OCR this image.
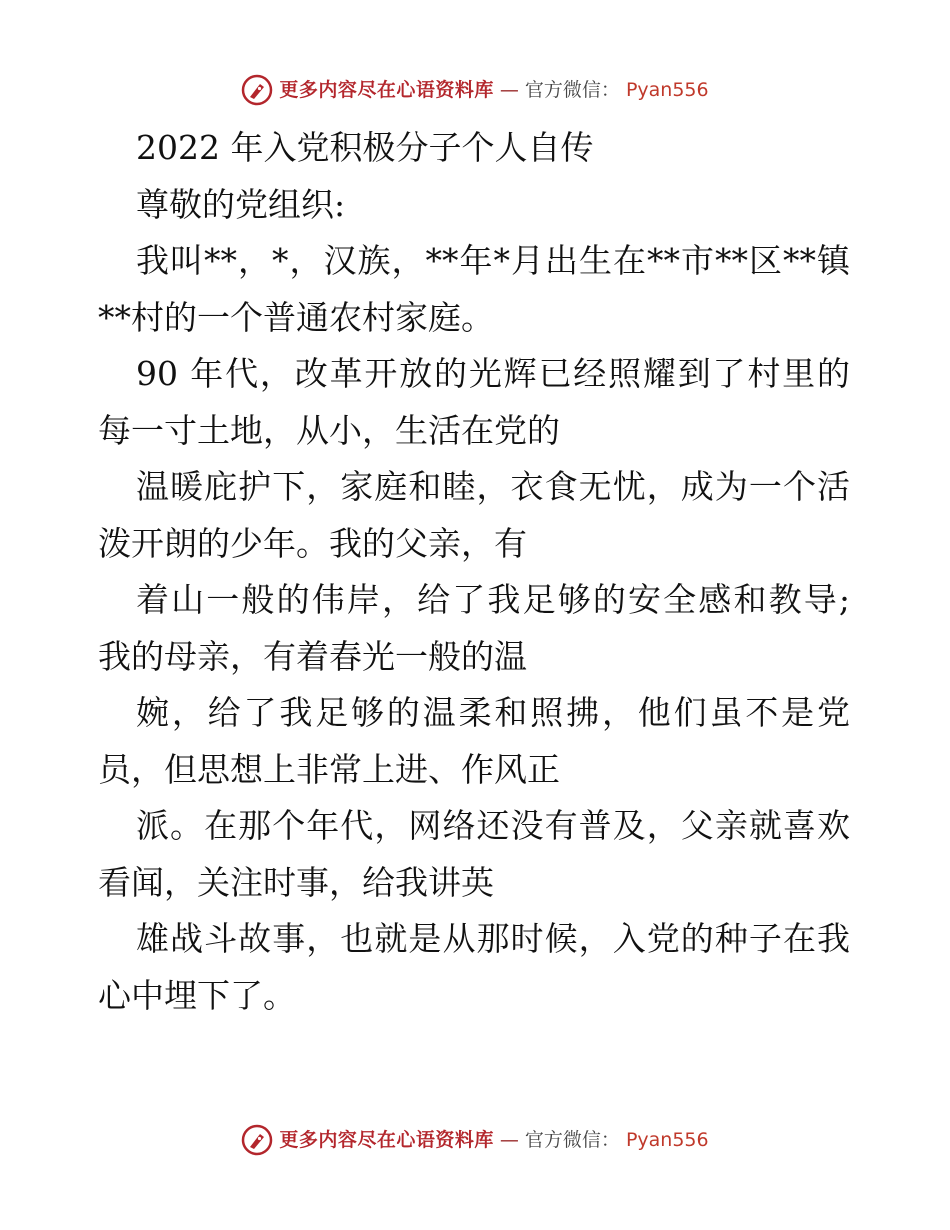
更多内容尽在心语资料库 — 官方微信： Pyan556
2022 年入党积极分子个人自传
尊敬的党组织:
我叫**，*，汉族，**年*月出生在**市**区**镇
**村的一个普通农村家庭。
90 年代，改革开放的光辉已经照耀到了村里的
每一寸土地，从小，生活在党的
温暖庇护下，家庭和睦，衣食无忧，成为一个活
泼开朗的少年。我的父亲，有
着山一般的伟岸，给了我足够的安全感和教导;
我的母亲，有着春光一般的温
婉，给了我足够的温柔和照拂，他们虽不是党
员，但思想上非常上进、作风正
派。在那个年代，网络还没有普及，父亲就喜欢
看闻，关注时事，给我讲英
雄战斗故事，也就是从那时候，入党的种子在我
心中埋下了。
更多内容尽在心语资料库 — 官方微信： Pyan556
